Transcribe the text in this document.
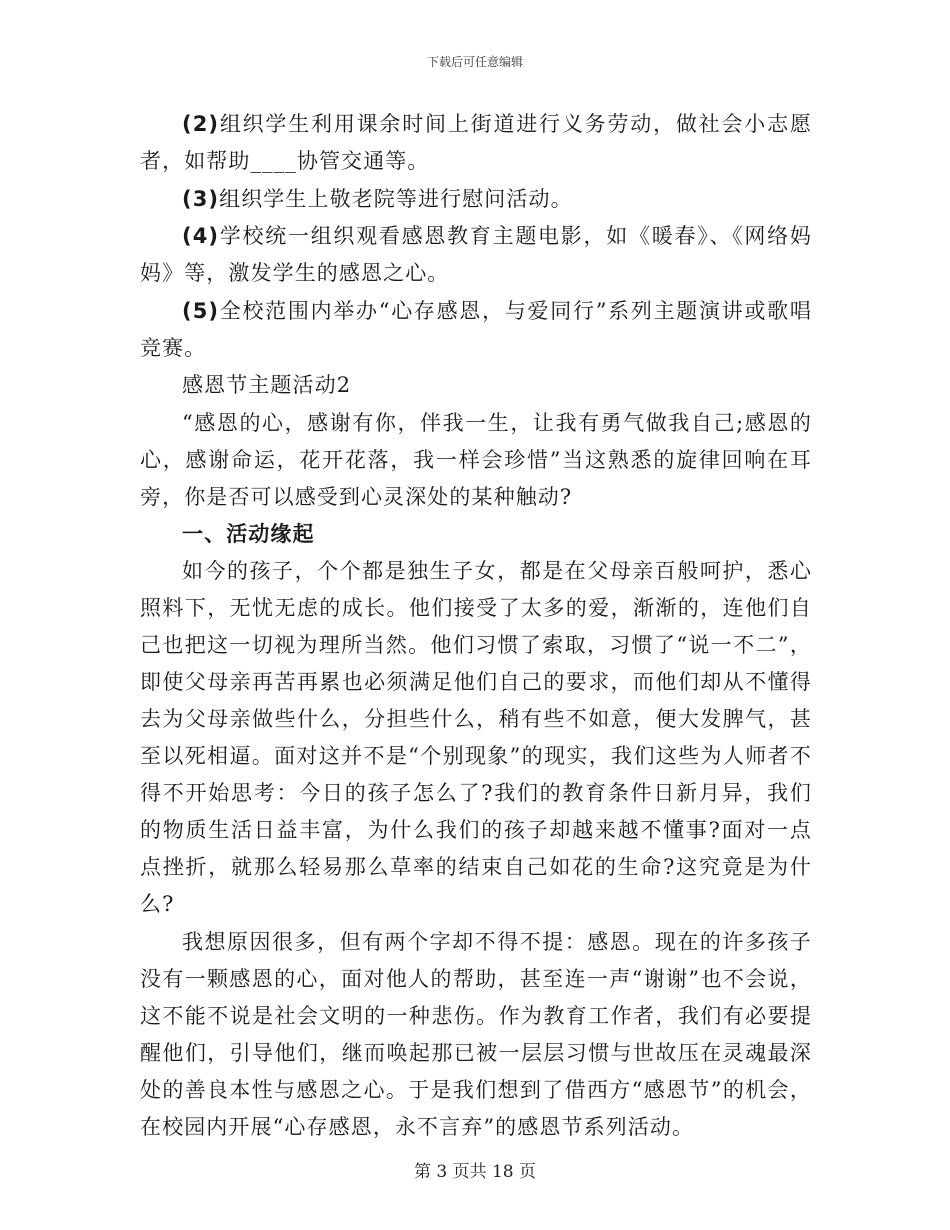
下载后可任意编辑

(2)组织学生利用课余时间上街道进行义务劳动，做社会小志愿者，如帮助____协管交通等。

(3)组织学生上敬老院等进行慰问活动。

(4)学校统一组织观看感恩教育主题电影，如《暖春》、《网络妈妈》等，激发学生的感恩之心。

(5)全校范围内举办“心存感恩，与爱同行”系列主题演讲或歌唱竞赛。

感恩节主题活动2

“感恩的心，感谢有你，伴我一生，让我有勇气做我自己;感恩的心，感谢命运，花开花落，我一样会珍惜”当这熟悉的旋律回响在耳旁，你是否可以感受到心灵深处的某种触动?

一、活动缘起

如今的孩子，个个都是独生子女，都是在父母亲百般呵护，悉心照料下，无忧无虑的成长。他们接受了太多的爱，渐渐的，连他们自己也把这一切视为理所当然。他们习惯了索取，习惯了“说一不二”，即使父母亲再苦再累也必须满足他们自己的要求，而他们却从不懂得去为父母亲做些什么，分担些什么，稍有些不如意，便大发脾气，甚至以死相逼。面对这并不是“个别现象”的现实，我们这些为人师者不得不开始思考：今日的孩子怎么了?我们的教育条件日新月异，我们的物质生活日益丰富，为什么我们的孩子却越来越不懂事?面对一点点挫折，就那么轻易那么草率的结束自己如花的生命?这究竟是为什么?

我想原因很多，但有两个字却不得不提：感恩。现在的许多孩子没有一颗感恩的心，面对他人的帮助，甚至连一声“谢谢”也不会说，这不能不说是社会文明的一种悲伤。作为教育工作者，我们有必要提醒他们，引导他们，继而唤起那已被一层层习惯与世故压在灵魂最深处的善良本性与感恩之心。于是我们想到了借西方“感恩节”的机会，在校园内开展“心存感恩，永不言弃”的感恩节系列活动。

第 3 页共 18 页
